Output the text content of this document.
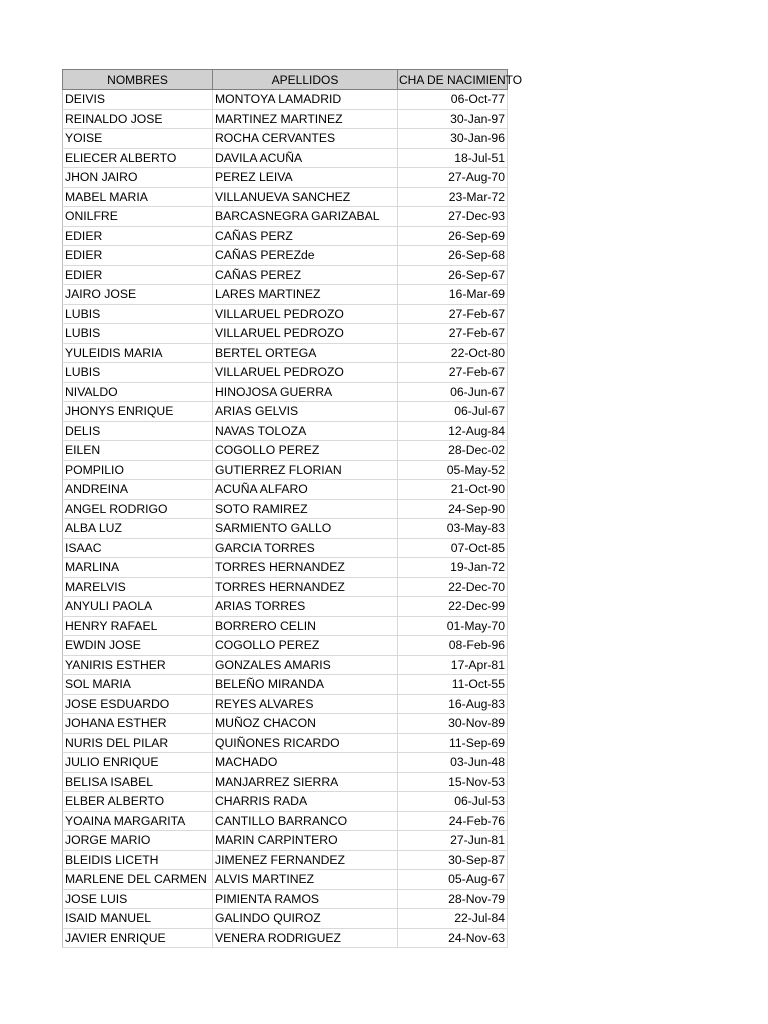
NOMBRES	APELLIDOS	CHA DE NACIMIENTO

DEIVIS	MONTOYA LAMADRID	06-Oct-77
REINALDO JOSE	MARTINEZ MARTINEZ	30-Jan-97
YOISE	ROCHA CERVANTES	30-Jan-96
ELIECER ALBERTO	DAVILA ACUÑA	18-Jul-51
JHON JAIRO	PEREZ LEIVA	27-Aug-70
MABEL MARIA	VILLANUEVA SANCHEZ	23-Mar-72
ONILFRE	BARCASNEGRA GARIZABAL	27-Dec-93
EDIER	CAÑAS PERZ	26-Sep-69
EDIER	CAÑAS PEREZde	26-Sep-68
EDIER	CAÑAS PEREZ	26-Sep-67
JAIRO JOSE	LARES MARTINEZ	16-Mar-69
LUBIS	VILLARUEL PEDROZO	27-Feb-67
LUBIS	VILLARUEL PEDROZO	27-Feb-67
YULEIDIS MARIA	BERTEL ORTEGA	22-Oct-80
LUBIS	VILLARUEL PEDROZO	27-Feb-67
NIVALDO	HINOJOSA GUERRA	06-Jun-67
JHONYS ENRIQUE	ARIAS GELVIS	06-Jul-67
DELIS	NAVAS TOLOZA	12-Aug-84
EILEN	COGOLLO PEREZ	28-Dec-02
POMPILIO	GUTIERREZ FLORIAN	05-May-52
ANDREINA	ACUÑA ALFARO	21-Oct-90
ANGEL RODRIGO	SOTO RAMIREZ	24-Sep-90
ALBA LUZ	SARMIENTO GALLO	03-May-83
ISAAC	GARCIA TORRES	07-Oct-85
MARLINA	TORRES HERNANDEZ	19-Jan-72
MARELVIS	TORRES HERNANDEZ	22-Dec-70
ANYULI PAOLA	ARIAS TORRES	22-Dec-99
HENRY RAFAEL	BORRERO CELIN	01-May-70
EWDIN JOSE	COGOLLO PEREZ	08-Feb-96
YANIRIS ESTHER	GONZALES AMARIS	17-Apr-81
SOL MARIA	BELEÑO MIRANDA	11-Oct-55
JOSE ESDUARDO	REYES ALVARES	16-Aug-83
JOHANA ESTHER	MUÑOZ CHACON	30-Nov-89
NURIS DEL PILAR	QUIÑONES RICARDO	11-Sep-69
JULIO ENRIQUE	MACHADO	03-Jun-48
BELISA ISABEL	MANJARREZ SIERRA	15-Nov-53
ELBER ALBERTO	CHARRIS RADA	06-Jul-53
YOAINA MARGARITA	CANTILLO BARRANCO	24-Feb-76
JORGE MARIO	MARIN CARPINTERO	27-Jun-81
BLEIDIS LICETH	JIMENEZ FERNANDEZ	30-Sep-87
MARLENE DEL CARMEN	ALVIS MARTINEZ	05-Aug-67
JOSE LUIS	PIMIENTA RAMOS	28-Nov-79
ISAID MANUEL	GALINDO QUIROZ	22-Jul-84
JAVIER ENRIQUE	VENERA RODRIGUEZ	24-Nov-63
